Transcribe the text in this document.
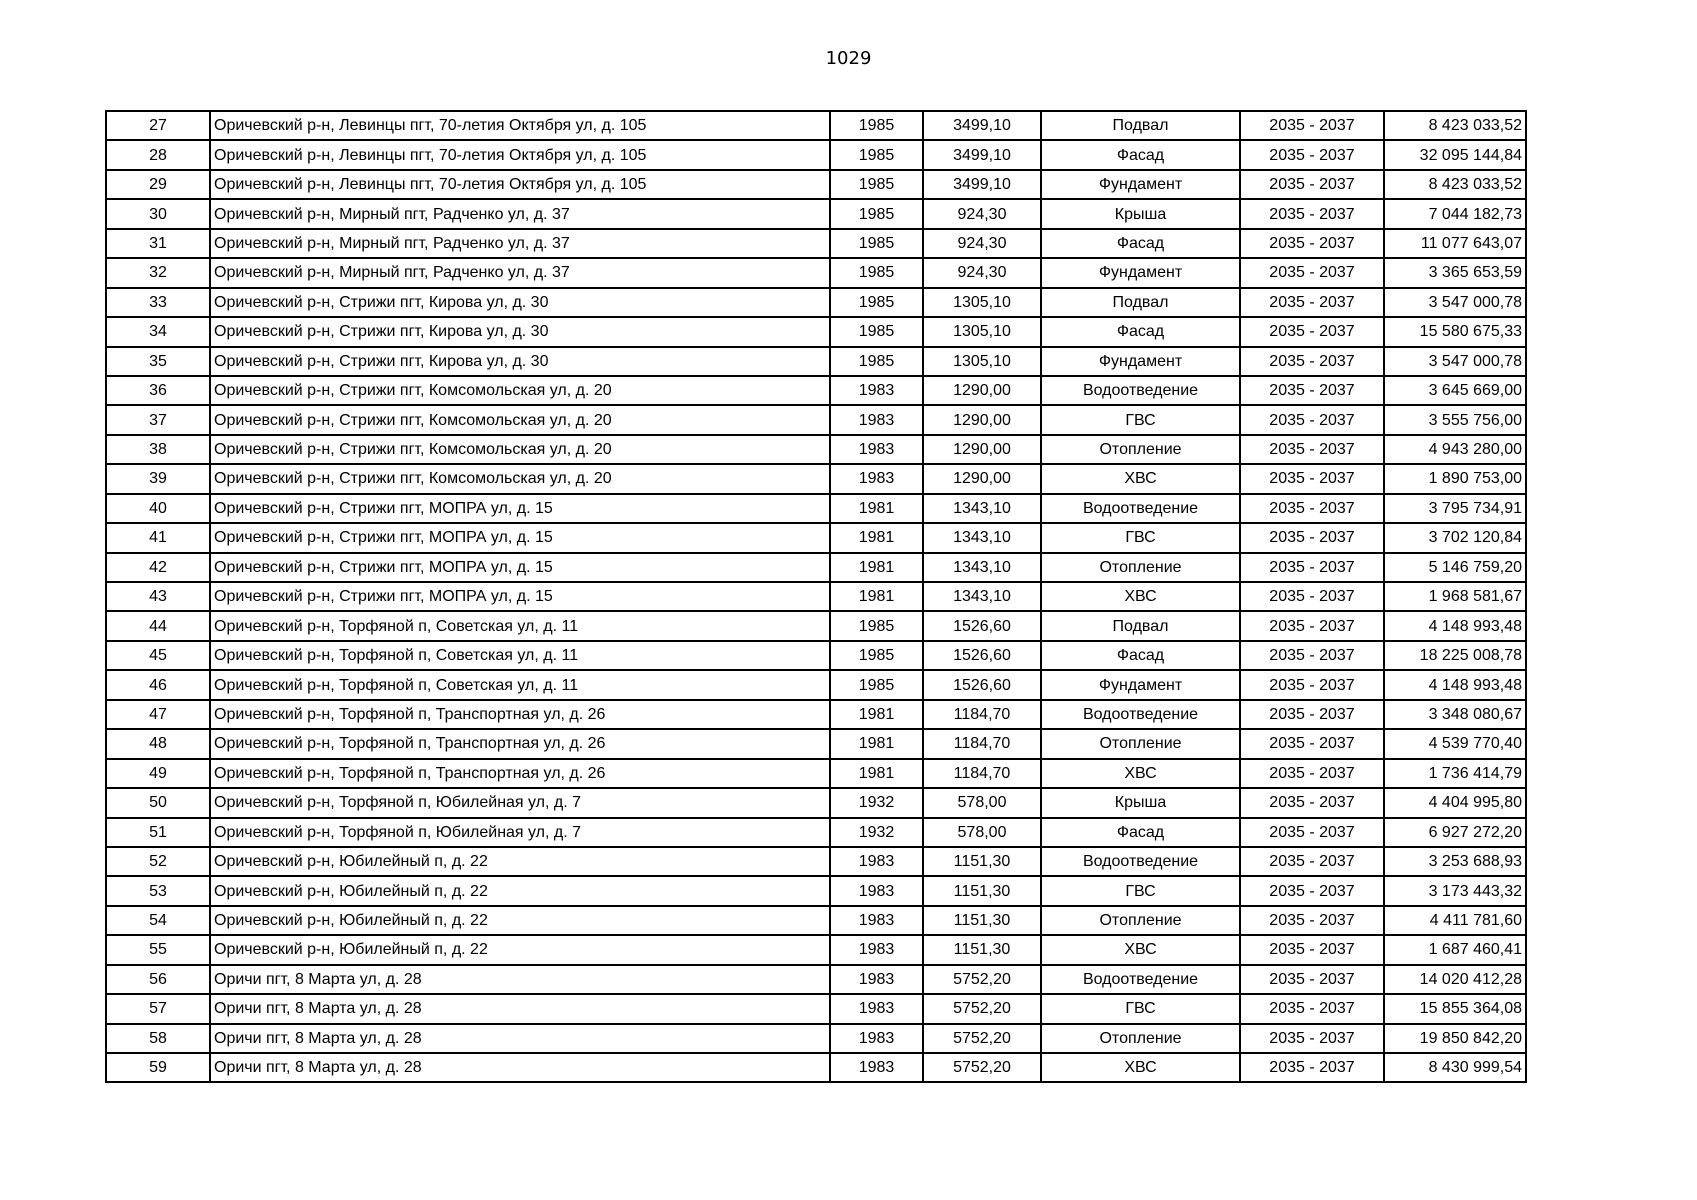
1029
27	Оричевский р-н, Левинцы пгт, 70-летия Октября ул, д. 105	1985	3499,10	Подвал	2035 - 2037	8 423 033,52
28	Оричевский р-н, Левинцы пгт, 70-летия Октября ул, д. 105	1985	3499,10	Фасад	2035 - 2037	32 095 144,84
29	Оричевский р-н, Левинцы пгт, 70-летия Октября ул, д. 105	1985	3499,10	Фундамент	2035 - 2037	8 423 033,52
30	Оричевский р-н, Мирный пгт, Радченко ул, д. 37	1985	924,30	Крыша	2035 - 2037	7 044 182,73
31	Оричевский р-н, Мирный пгт, Радченко ул, д. 37	1985	924,30	Фасад	2035 - 2037	11 077 643,07
32	Оричевский р-н, Мирный пгт, Радченко ул, д. 37	1985	924,30	Фундамент	2035 - 2037	3 365 653,59
33	Оричевский р-н, Стрижи пгт, Кирова ул, д. 30	1985	1305,10	Подвал	2035 - 2037	3 547 000,78
34	Оричевский р-н, Стрижи пгт, Кирова ул, д. 30	1985	1305,10	Фасад	2035 - 2037	15 580 675,33
35	Оричевский р-н, Стрижи пгт, Кирова ул, д. 30	1985	1305,10	Фундамент	2035 - 2037	3 547 000,78
36	Оричевский р-н, Стрижи пгт, Комсомольская ул, д. 20	1983	1290,00	Водоотведение	2035 - 2037	3 645 669,00
37	Оричевский р-н, Стрижи пгт, Комсомольская ул, д. 20	1983	1290,00	ГВС	2035 - 2037	3 555 756,00
38	Оричевский р-н, Стрижи пгт, Комсомольская ул, д. 20	1983	1290,00	Отопление	2035 - 2037	4 943 280,00
39	Оричевский р-н, Стрижи пгт, Комсомольская ул, д. 20	1983	1290,00	ХВС	2035 - 2037	1 890 753,00
40	Оричевский р-н, Стрижи пгт, МОПРА ул, д. 15	1981	1343,10	Водоотведение	2035 - 2037	3 795 734,91
41	Оричевский р-н, Стрижи пгт, МОПРА ул, д. 15	1981	1343,10	ГВС	2035 - 2037	3 702 120,84
42	Оричевский р-н, Стрижи пгт, МОПРА ул, д. 15	1981	1343,10	Отопление	2035 - 2037	5 146 759,20
43	Оричевский р-н, Стрижи пгт, МОПРА ул, д. 15	1981	1343,10	ХВС	2035 - 2037	1 968 581,67
44	Оричевский р-н, Торфяной п, Советская ул, д. 11	1985	1526,60	Подвал	2035 - 2037	4 148 993,48
45	Оричевский р-н, Торфяной п, Советская ул, д. 11	1985	1526,60	Фасад	2035 - 2037	18 225 008,78
46	Оричевский р-н, Торфяной п, Советская ул, д. 11	1985	1526,60	Фундамент	2035 - 2037	4 148 993,48
47	Оричевский р-н, Торфяной п, Транспортная ул, д. 26	1981	1184,70	Водоотведение	2035 - 2037	3 348 080,67
48	Оричевский р-н, Торфяной п, Транспортная ул, д. 26	1981	1184,70	Отопление	2035 - 2037	4 539 770,40
49	Оричевский р-н, Торфяной п, Транспортная ул, д. 26	1981	1184,70	ХВС	2035 - 2037	1 736 414,79
50	Оричевский р-н, Торфяной п, Юбилейная ул, д. 7	1932	578,00	Крыша	2035 - 2037	4 404 995,80
51	Оричевский р-н, Торфяной п, Юбилейная ул, д. 7	1932	578,00	Фасад	2035 - 2037	6 927 272,20
52	Оричевский р-н, Юбилейный п, д. 22	1983	1151,30	Водоотведение	2035 - 2037	3 253 688,93
53	Оричевский р-н, Юбилейный п, д. 22	1983	1151,30	ГВС	2035 - 2037	3 173 443,32
54	Оричевский р-н, Юбилейный п, д. 22	1983	1151,30	Отопление	2035 - 2037	4 411 781,60
55	Оричевский р-н, Юбилейный п, д. 22	1983	1151,30	ХВС	2035 - 2037	1 687 460,41
56	Оричи пгт, 8 Марта ул, д. 28	1983	5752,20	Водоотведение	2035 - 2037	14 020 412,28
57	Оричи пгт, 8 Марта ул, д. 28	1983	5752,20	ГВС	2035 - 2037	15 855 364,08
58	Оричи пгт, 8 Марта ул, д. 28	1983	5752,20	Отопление	2035 - 2037	19 850 842,20
59	Оричи пгт, 8 Марта ул, д. 28	1983	5752,20	ХВС	2035 - 2037	8 430 999,54
